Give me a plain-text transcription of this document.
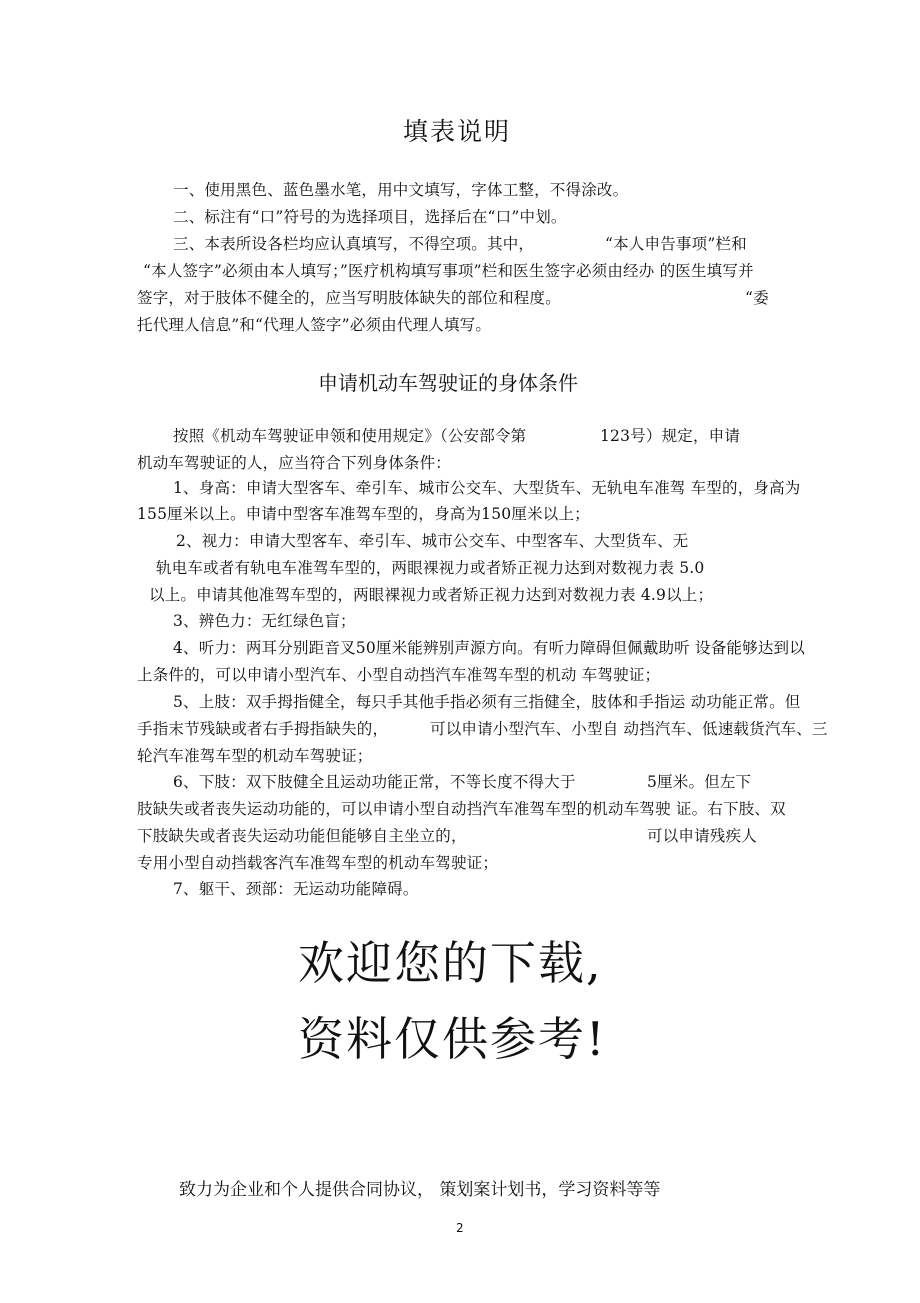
填表说明
一、使用黑色、蓝色墨水笔，用中文填写，字体工整，不得涂改。
二、标注有“口”符号的为选择项目，选择后在“口”中划。
三、本表所设各栏均应认真填写，不得空项。其中，	“本人申告事项”栏和
“本人签字”必须由本人填写；”医疗机构填写事项”栏和医生签字必须由经办 的医生填写并
签字，对于肢体不健全的，应当写明肢体缺失的部位和程度。	“委
托代理人信息”和“代理人签字”必须由代理人填写。
申请机动车驾驶证的身体条件
按照《机动车驾驶证申领和使用规定》（公安部令第	123号）规定，申请
机动车驾驶证的人，应当符合下列身体条件：
1、身高：申请大型客车、牵引车、城市公交车、大型货车、无轨电车准驾 车型的，身高为
155厘米以上。申请中型客车准驾车型的，身高为150厘米以上；
2、视力：申请大型客车、牵引车、城市公交车、中型客车、大型货车、无
轨电车或者有轨电车准驾车型的，两眼裸视力或者矫正视力达到对数视力表 5.0
以上。申请其他准驾车型的，两眼裸视力或者矫正视力达到对数视力表 4.9以上；
3、辨色力：无红绿色盲；
4、听力：两耳分别距音叉50厘米能辨别声源方向。有听力障碍但佩戴助听 设备能够达到以
上条件的，可以申请小型汽车、小型自动挡汽车准驾车型的机动 车驾驶证；
5、上肢：双手拇指健全，每只手其他手指必须有三指健全，肢体和手指运 动功能正常。但
手指末节残缺或者右手拇指缺失的，	可以申请小型汽车、小型自 动挡汽车、低速载货汽车、三
轮汽车准驾车型的机动车驾驶证；
6、下肢：双下肢健全且运动功能正常，不等长度不得大于	5厘米。但左下
肢缺失或者丧失运动功能的，可以申请小型自动挡汽车准驾车型的机动车驾驶 证。右下肢、双
下肢缺失或者丧失运动功能但能够自主坐立的，	可以申请残疾人
专用小型自动挡载客汽车准驾车型的机动车驾驶证；
7、躯干、颈部：无运动功能障碍。
欢迎您的下载,
资料仅供参考!
致力为企业和个人提供合同协议， 策划案计划书，学习资料等等
2
